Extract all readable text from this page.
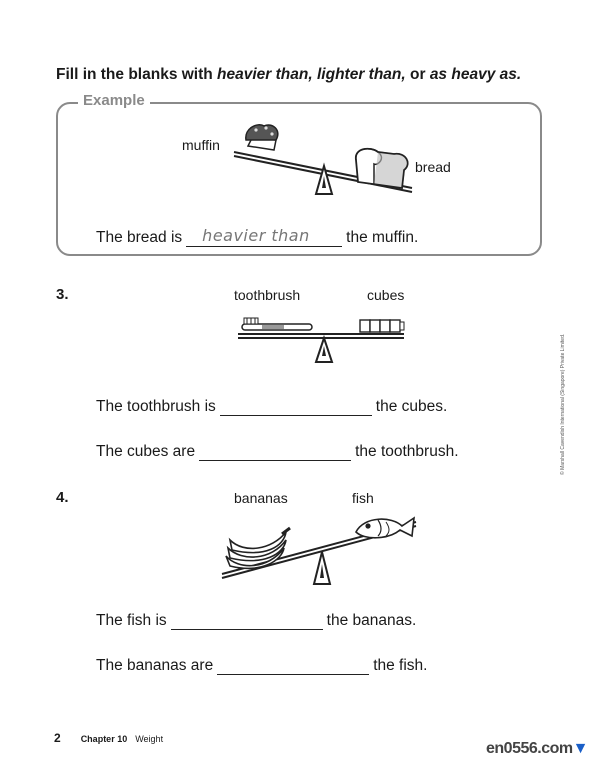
Fill in the blanks with heavier than, lighter than, or as heavy as.
Example
muffin
bread
The bread is heavier than the muffin.
3.	toothbrush	cubes
The toothbrush is	the cubes.
The cubes are	the toothbrush.
4.	bananas	fish
The fish is	the bananas.
The bananas are	the fish.
© Marshall Cavendish International (Singapore) Private Limited.
2 Chapter 10 Weight
en0556.com▼
